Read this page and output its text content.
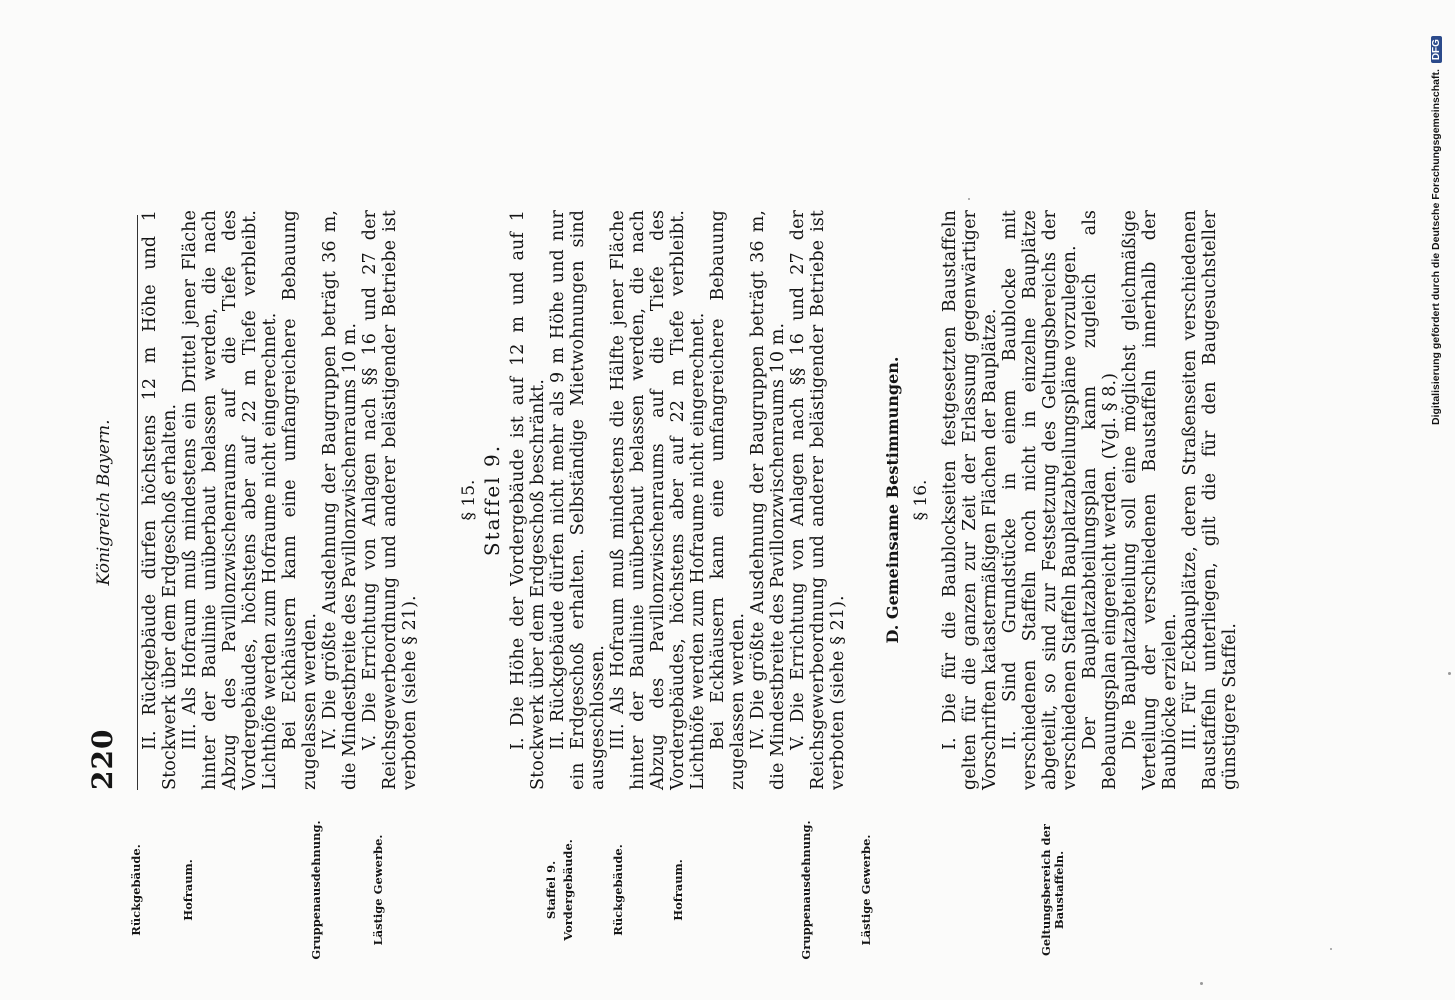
220
Königreich Bayern.
Rückgebäude.	Hofraum.	Gruppenausdehnung.	Lästige Gewerbe.	Staffel 9. Vordergebäude.	Rückgebäude.	Hofraum.	Gruppenausdehnung.	Lästige Gewerbe.	Geltungsbereich der Baustaffeln.

II. Rückgebäude dürfen höchstens 12 m Höhe und 1 Stockwerk über dem Erdgeschoß erhalten. III. Als Hofraum muß mindestens ein Drittel jener Fläche hinter der Baulinie unüberbaut belassen werden, die nach Abzug des Pavillonzwischenraums auf die Tiefe des Vordergebäudes, höchstens aber auf 22 m Tiefe verbleibt. Lichthöfe werden zum Hofraume nicht eingerechnet. Bei Eckhäusern kann eine umfangreichere Bebauung zugelassen werden. IV. Die größte Ausdehnung der Baugruppen beträgt 36 m, die Mindestbreite des Pavillonzwischenraums 10 m. V. Die Errichtung von Anlagen nach §§ 16 und 27 der Reichsgewerbeordnung und anderer belästigender Betriebe ist verboten (siehe § 21).

§ 15. Staffel 9. I. Die Höhe der Vordergebäude ist auf 12 m und auf 1 Stockwerk über dem Erdgeschoß beschränkt. II. Rückgebäude dürfen nicht mehr als 9 m Höhe und nur ein Erdgeschoß erhalten. Selbständige Mietwohnungen sind ausgeschlossen. III. Als Hofraum muß mindestens die Hälfte jener Fläche hinter der Baulinie unüberbaut belassen werden, die nach Abzug des Pavillonzwischenraums auf die Tiefe des Vordergebäudes, höchstens aber auf 22 m Tiefe verbleibt. Lichthöfe werden zum Hofraume nicht eingerechnet. Bei Eckhäusern kann eine umfangreichere Bebauung zugelassen werden. IV. Die größte Ausdehnung der Baugruppen beträgt 36 m, die Mindestbreite des Pavillonzwischenraums 10 m. V. Die Errichtung von Anlagen nach §§ 16 und 27 der Reichsgewerbeordnung und anderer belästigender Betriebe ist verboten (siehe § 21).

D. Gemeinsame Bestimmungen. § 16. I. Die für die Baublockseiten festgesetzten Baustaffeln gelten für die ganzen zur Zeit der Erlassung gegenwärtiger Vorschriften katastermäßigen Flächen der Bauplätze. II. Sind Grundstücke in einem Baublocke mit verschiedenen Staffeln noch nicht in einzelne Bauplätze abgeteilt, so sind zur Festsetzung des Geltungsbereichs der verschiedenen Staffeln Bauplatzabteilungspläne vorzulegen. Der Bauplatzabteilungsplan kann zugleich als Bebauungsplan eingereicht werden. (Vgl. § 8.) Die Bauplatzabteilung soll eine möglichst gleichmäßige Verteilung der verschiedenen Baustaffeln innerhalb der Baublöcke erzielen. III. Für Eckbauplätze, deren Straßenseiten verschiedenen Baustaffeln unterliegen, gilt die für den Baugesuchsteller günstigere Staffel.

Digitalisierung gefördert durch die Deutsche Forschungsgemeinschaft. DFG
